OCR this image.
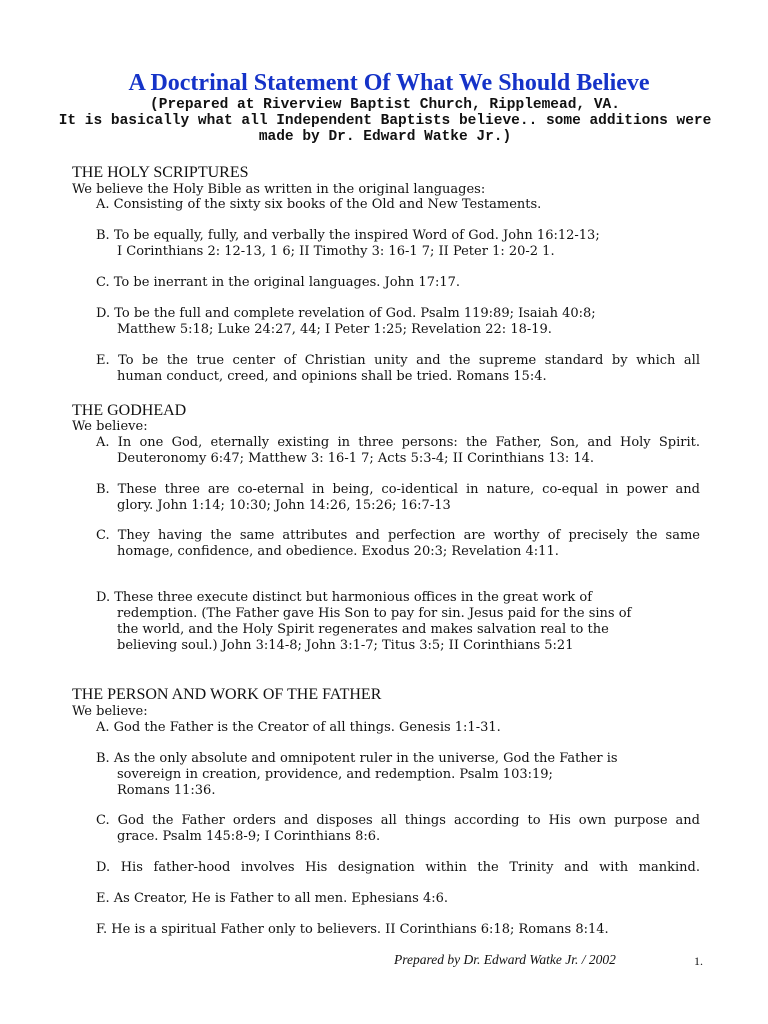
A Doctrinal Statement Of What We Should Believe
(Prepared at Riverview Baptist Church, Ripplemead, VA.
It is basically what all Independent Baptists believe.. some additions were
made by Dr. Edward Watke Jr.)
THE HOLY SCRIPTURES
We believe the Holy Bible as written in the original languages:
A. Consisting of the sixty six books of the Old and New Testaments.
B. To be equally, fully, and verbally the inspired Word of God. John 16:12-13;
I Corinthians 2: 12-13, 1 6; II Timothy 3: 16-1 7; II Peter 1: 20-2 1.
C. To be inerrant in the original languages. John 17:17.
D. To be the full and complete revelation of God. Psalm 119:89; Isaiah 40:8;
Matthew 5:18; Luke 24:27, 44; I Peter 1:25; Revelation 22: 18-19.
E. To be the true center of Christian unity and the supreme standard by which all
human conduct, creed, and opinions shall be tried. Romans 15:4.
THE GODHEAD
We believe:
A. In one God, eternally existing in three persons: the Father, Son, and Holy Spirit.
Deuteronomy 6:47; Matthew 3: 16-1 7; Acts 5:3-4; II Corinthians 13: 14.
B. These three are co-eternal in being, co-identical in nature, co-equal in power and
glory. John 1:14; 10:30; John 14:26, 15:26; 16:7-13
C. They having the same attributes and perfection are worthy of precisely the same
homage, confidence, and obedience. Exodus 20:3; Revelation 4:11.
D. These three execute distinct but harmonious offices in the great work of
redemption. (The Father gave His Son to pay for sin. Jesus paid for the sins of
the world, and the Holy Spirit regenerates and makes salvation real to the
believing soul.) John 3:14-8; John 3:1-7; Titus 3:5; II Corinthians 5:21
THE PERSON AND WORK OF THE FATHER
We believe:
A. God the Father is the Creator of all things. Genesis 1:1-31.
B. As the only absolute and omnipotent ruler in the universe, God the Father is
sovereign in creation, providence, and redemption. Psalm 103:19;
Romans 11:36.
C. God the Father orders and disposes all things according to His own purpose and
grace. Psalm 145:8-9; I Corinthians 8:6.
D. His father-hood involves His designation within the Trinity and with mankind.
E. As Creator, He is Father to all men. Ephesians 4:6.
F. He is a spiritual Father only to believers. II Corinthians 6:18; Romans 8:14.
Prepared by Dr. Edward Watke Jr. / 2002	1.
